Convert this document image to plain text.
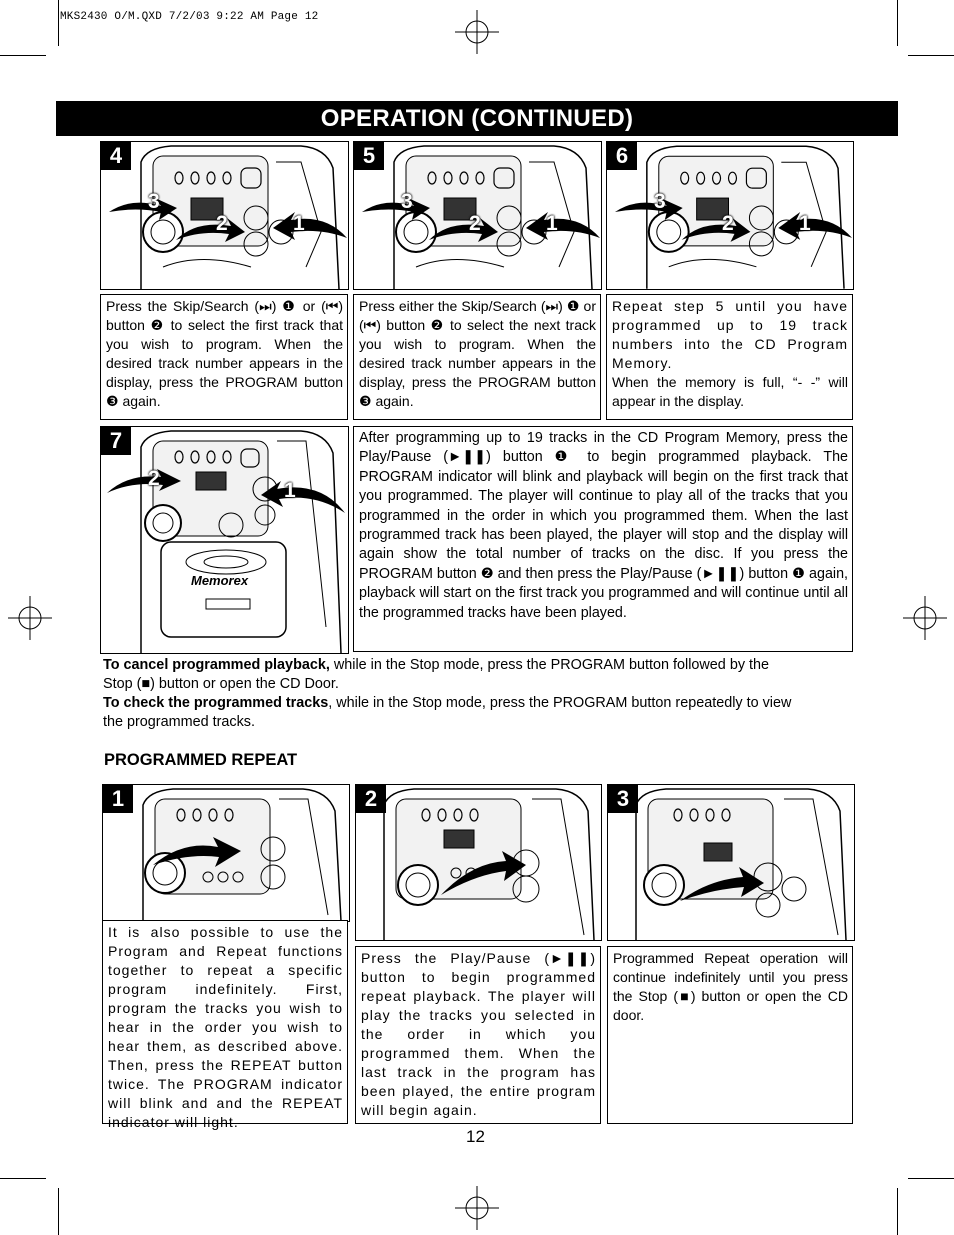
MKS2430 O/M.QXD 7/2/03 9:22 AM Page 12
OPERATION (CONTINUED)
4
3
2	1
5
3
2	1
6
3
2	1

Press the Skip/Search (⏭) ❶ or (⏮) button ❷ to select the first track that you wish to program. When the desired track number appears in the display, press the PROGRAM button ❸ again.

Press either the Skip/Search (⏭) ❶ or (⏮) button ❷ to select the next track you wish to program. When the desired track number appears in the display, press the PROGRAM button ❸ again.

Repeat step 5 until you have programmed up to 19 track numbers into the CD Program Memory.

When the memory is full, “- -” will appear in the display.

7
Memorex
2
1

After programming up to 19 tracks in the CD Program Memory, press the Play/Pause (►❚❚) button ❶ to begin programmed playback. The PROGRAM indicator will blink and playback will begin on the first track that you programmed. The player will continue to play all of the tracks that you programmed in the order in which you programmed them. When the last programmed track has been played, the player will stop and the display will again show the total number of tracks on the disc. If you press the PROGRAM button ❷ and then press the Play/Pause (►❚❚) button ❶ again, playback will start on the first track you programmed and will continue until all the programmed tracks have been played.

To cancel programmed playback, while in the Stop mode, press the PROGRAM button followed by the
Stop (■) button or open the CD Door.
To check the programmed tracks, while in the Stop mode, press the PROGRAM button repeatedly to view
the programmed tracks.
PROGRAMMED REPEAT
1

It is also possible to use the Program and Repeat functions together to repeat a specific program indefinitely. First, program the tracks you wish to hear in the order you wish to hear them, as described above. Then, press the REPEAT button twice. The PROGRAM indicator will blink and and the REPEAT indicator will light.

2

Press the Play/Pause (►❚❚) button to begin programmed repeat playback. The player will play the tracks you selected in the order in which you programmed them. When the last track in the program has been played, the entire program will begin again.

3

Programmed Repeat operation will continue indefinitely until you press the Stop (■) button or open the CD door.

12
